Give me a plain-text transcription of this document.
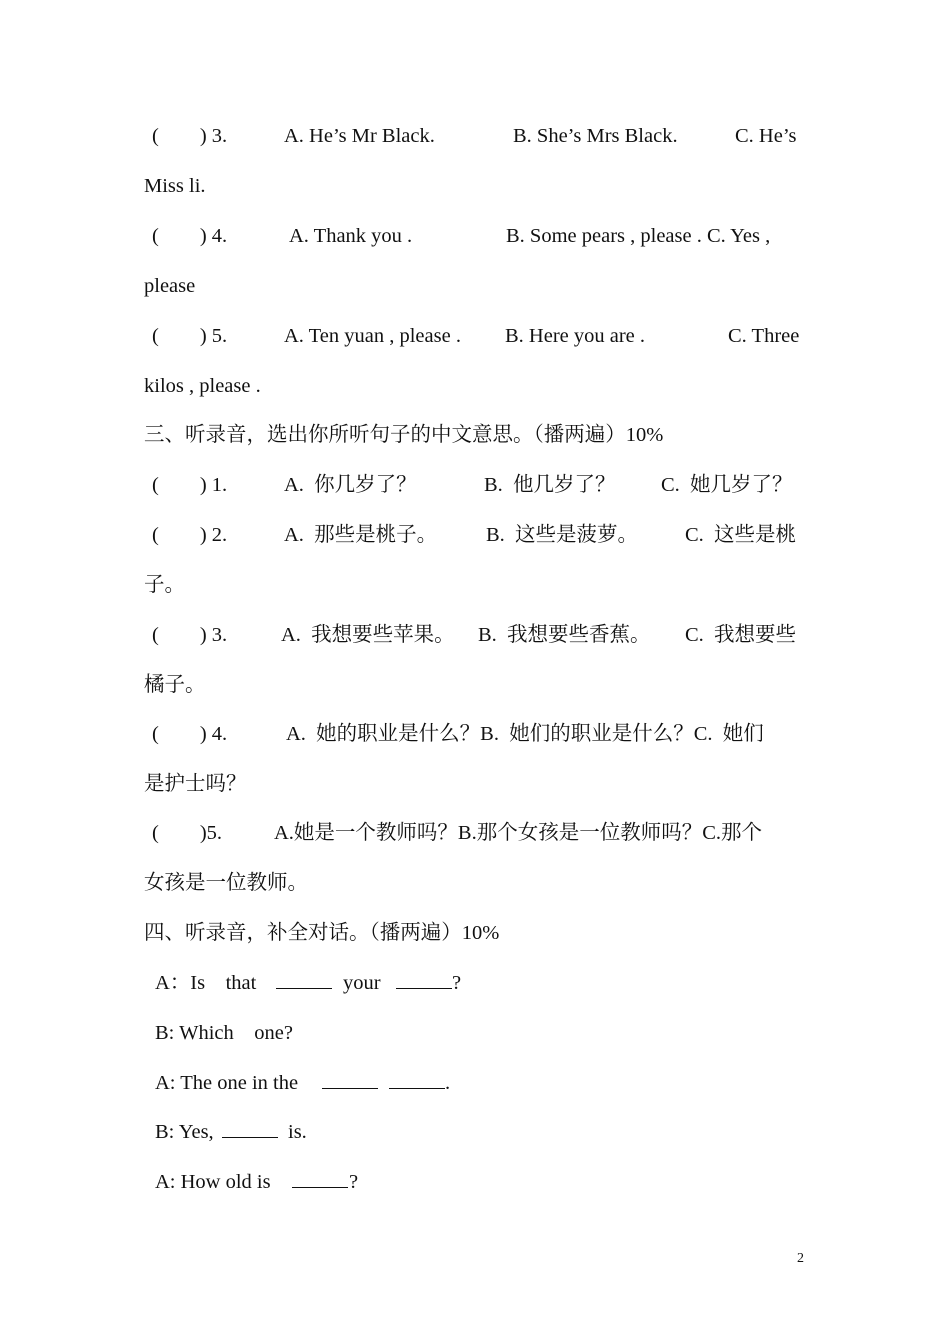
(        ) 3.

	A. He’s Mr Black.

	B. She’s Mrs Black.

	C. He’s

Miss li.

(        ) 4.

	A. Thank you .

	B. Some pears , please . C. Yes ,

please

(        ) 5.

	A. Ten yuan , please .

B. Here you are .

	C. Three

kilos , please .

三、听录音，选出你所听句子的中文意思。（播两遍）10%

(        ) 1.

	A.  你几岁了？

	B.  他几岁了？

C.  她几岁了？

(        ) 2.

	A.  那些是桃子。

B.  这些是菠萝。

C.  这些是桃

子。

(        ) 3.

	A.  我想要些苹果。

B.  我想要些香蕉。

C.  我想要些

橘子。

(        ) 4.

	A.  她的职业是什么？B.  她们的职业是什么？C.  她们

是护士吗？

(        )5.

	A.她是一个教师吗？B.那个女孩是一位教师吗？C.那个

女孩是一位教师。

四、听录音，补全对话。（播两遍）10%

A：Is    that

	your

	?

B: Which    one?

A: The one in the

	.

B: Yes,

	is.

A: How old is

	?

2
